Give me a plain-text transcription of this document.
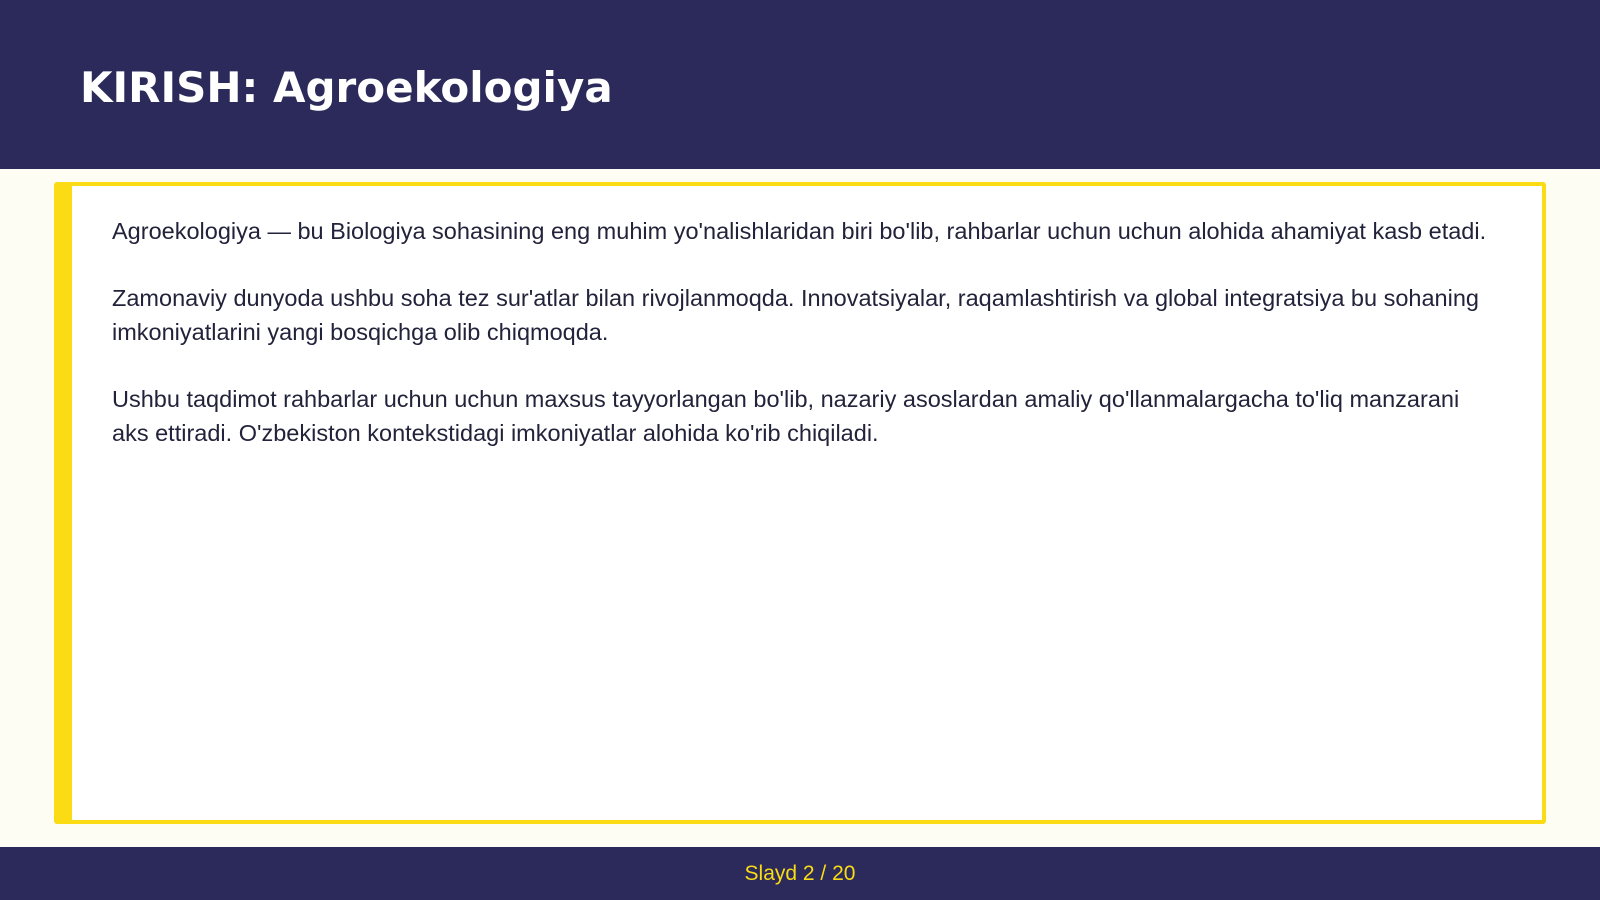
KIRISH: Agroekologiya

Agroekologiya — bu Biologiya sohasining eng muhim yo'nalishlaridan biri bo'lib, rahbarlar uchun uchun alohida ahamiyat kasb etadi.

Zamonaviy dunyoda ushbu soha tez sur'atlar bilan rivojlanmoqda. Innovatsiyalar, raqamlashtirish va global integratsiya bu sohaning imkoniyatlarini yangi bosqichga olib chiqmoqda.

Ushbu taqdimot rahbarlar uchun uchun maxsus tayyorlangan bo'lib, nazariy asoslardan amaliy qo'llanmalargacha to'liq manzarani aks ettiradi. O'zbekiston kontekstidagi imkoniyatlar alohida ko'rib chiqiladi.

Slayd 2 / 20
